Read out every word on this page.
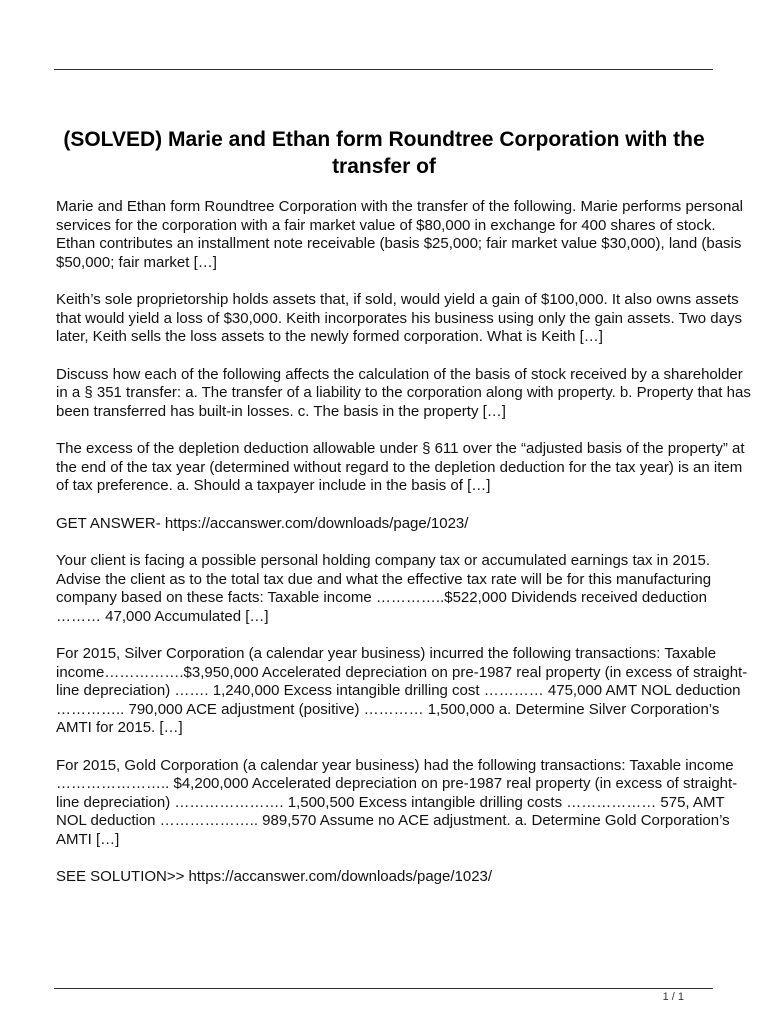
(SOLVED) Marie and Ethan form Roundtree Corporation with the transfer of

Marie and Ethan form Roundtree Corporation with the transfer of the following. Marie performs personal services for the corporation with a fair market value of $80,000 in exchange for 400 shares of stock. Ethan contributes an installment note receivable (basis $25,000; fair market value $30,000), land (basis $50,000; fair market […]

Keith’s sole proprietorship holds assets that, if sold, would yield a gain of $100,000. It also owns assets that would yield a loss of $30,000. Keith incorporates his business using only the gain assets. Two days later, Keith sells the loss assets to the newly formed corporation. What is Keith […]

Discuss how each of the following affects the calculation of the basis of stock received by a shareholder in a § 351 transfer: a. The transfer of a liability to the corporation along with property. b. Property that has been transferred has built-in losses. c. The basis in the property […]

The excess of the depletion deduction allowable under § 611 over the “adjusted basis of the property” at the end of the tax year (determined without regard to the depletion deduction for the tax year) is an item of tax preference. a. Should a taxpayer include in the basis of […]

GET ANSWER- https://accanswer.com/downloads/page/1023/

Your client is facing a possible personal holding company tax or accumulated earnings tax in 2015. Advise the client as to the total tax due and what the effective tax rate will be for this manufacturing company based on these facts: Taxable income …………..$522,000 Dividends received deduction ……… 47,000 Accumulated […]

For 2015, Silver Corporation (a calendar year business) incurred the following transactions: Taxable income…………….$3,950,000 Accelerated depreciation on pre-1987 real property (in excess of straight-line depreciation) ……. 1,240,000 Excess intangible drilling cost ………… 475,000 AMT NOL deduction ………….. 790,000 ACE adjustment (positive) ………… 1,500,000 a. Determine Silver Corporation’s AMTI for 2015. […]

For 2015, Gold Corporation (a calendar year business) had the following transactions: Taxable income ………………….. $4,200,000 Accelerated depreciation on pre-1987 real property (in excess of straight- line depreciation) …………………. 1,500,500 Excess intangible drilling costs ……………… 575, AMT NOL deduction ……………….. 989,570 Assume no ACE adjustment. a. Determine Gold Corporation’s AMTI […]

SEE SOLUTION>> https://accanswer.com/downloads/page/1023/

1 / 1
